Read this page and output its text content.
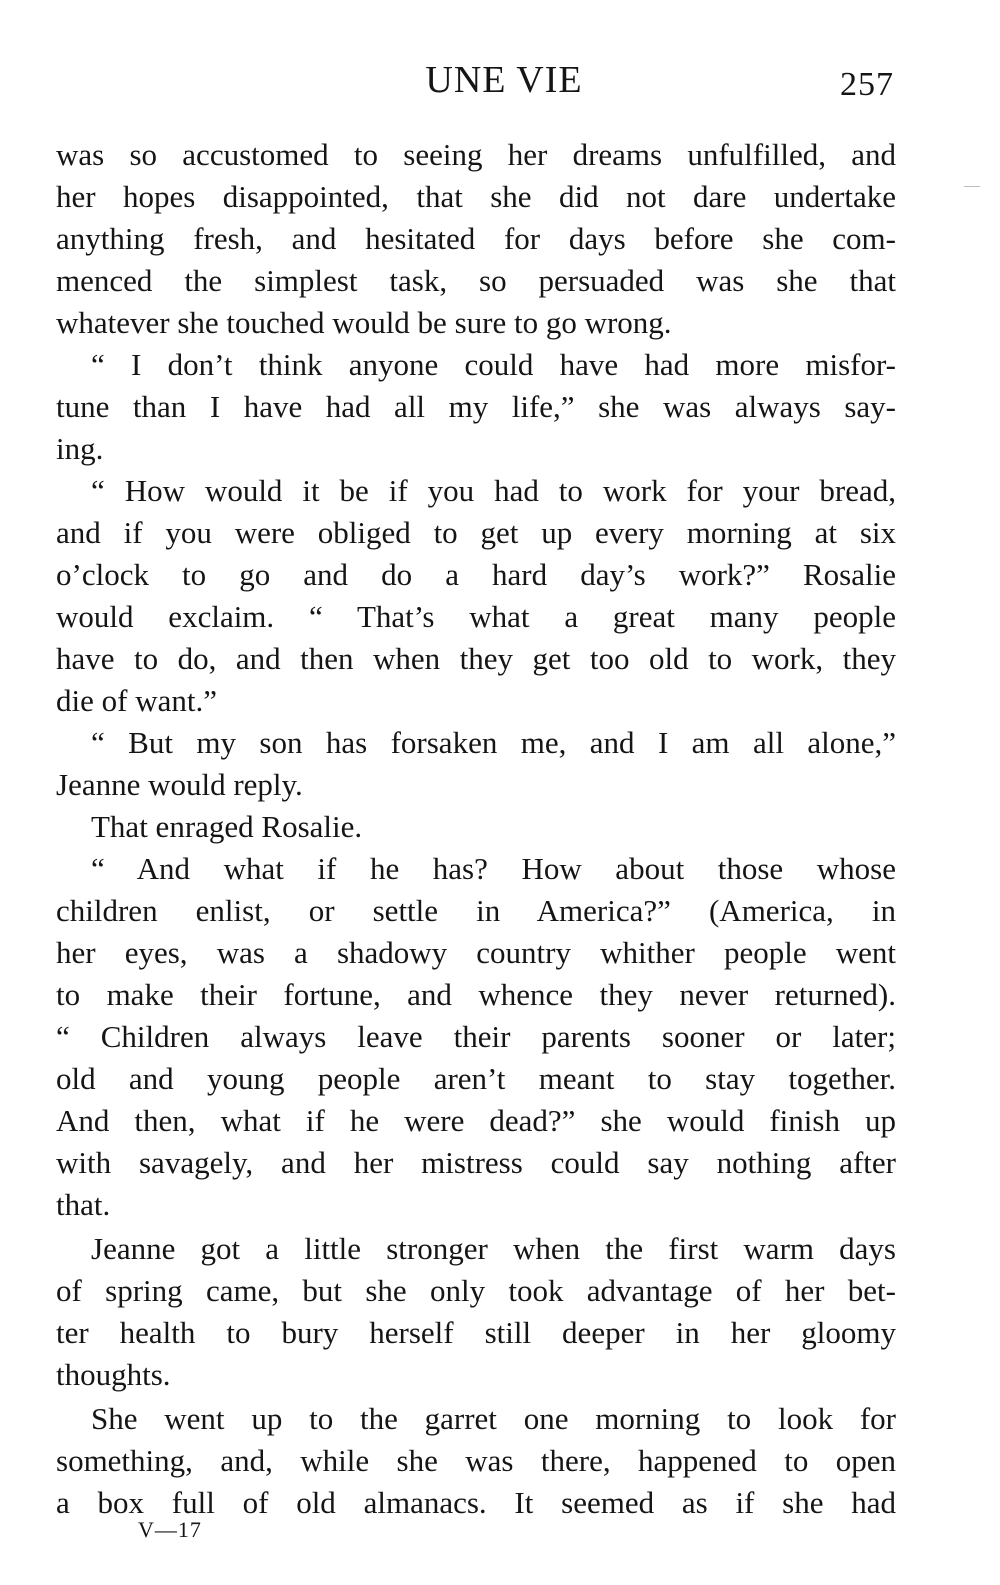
UNE VIE	257
was so accustomed to seeing her dreams unfulfilled, and
her hopes disappointed, that she did not dare undertake
anything fresh, and hesitated for days before she com-
menced the simplest task, so persuaded was she that
whatever she touched would be sure to go wrong.
“ I don’t think anyone could have had more misfor-
tune than I have had all my life,” she was always say-
ing.
“ How would it be if you had to work for your bread,
and if you were obliged to get up every morning at six
o’clock to go and do a hard day’s work?” Rosalie
would exclaim. “ That’s what a great many people
have to do, and then when they get too old to work, they
die of want.”
“ But my son has forsaken me, and I am all alone,”
Jeanne would reply.
That enraged Rosalie.
“ And what if he has? How about those whose
children enlist, or settle in America?” (America, in
her eyes, was a shadowy country whither people went
to make their fortune, and whence they never returned).
“ Children always leave their parents sooner or later;
old and young people aren’t meant to stay together.
And then, what if he were dead?” she would finish up
with savagely, and her mistress could say nothing after
that.
Jeanne got a little stronger when the first warm days
of spring came, but she only took advantage of her bet-
ter health to bury herself still deeper in her gloomy
thoughts.
She went up to the garret one morning to look for
something, and, while she was there, happened to open
a box full of old almanacs. It seemed as if she had
V—17
